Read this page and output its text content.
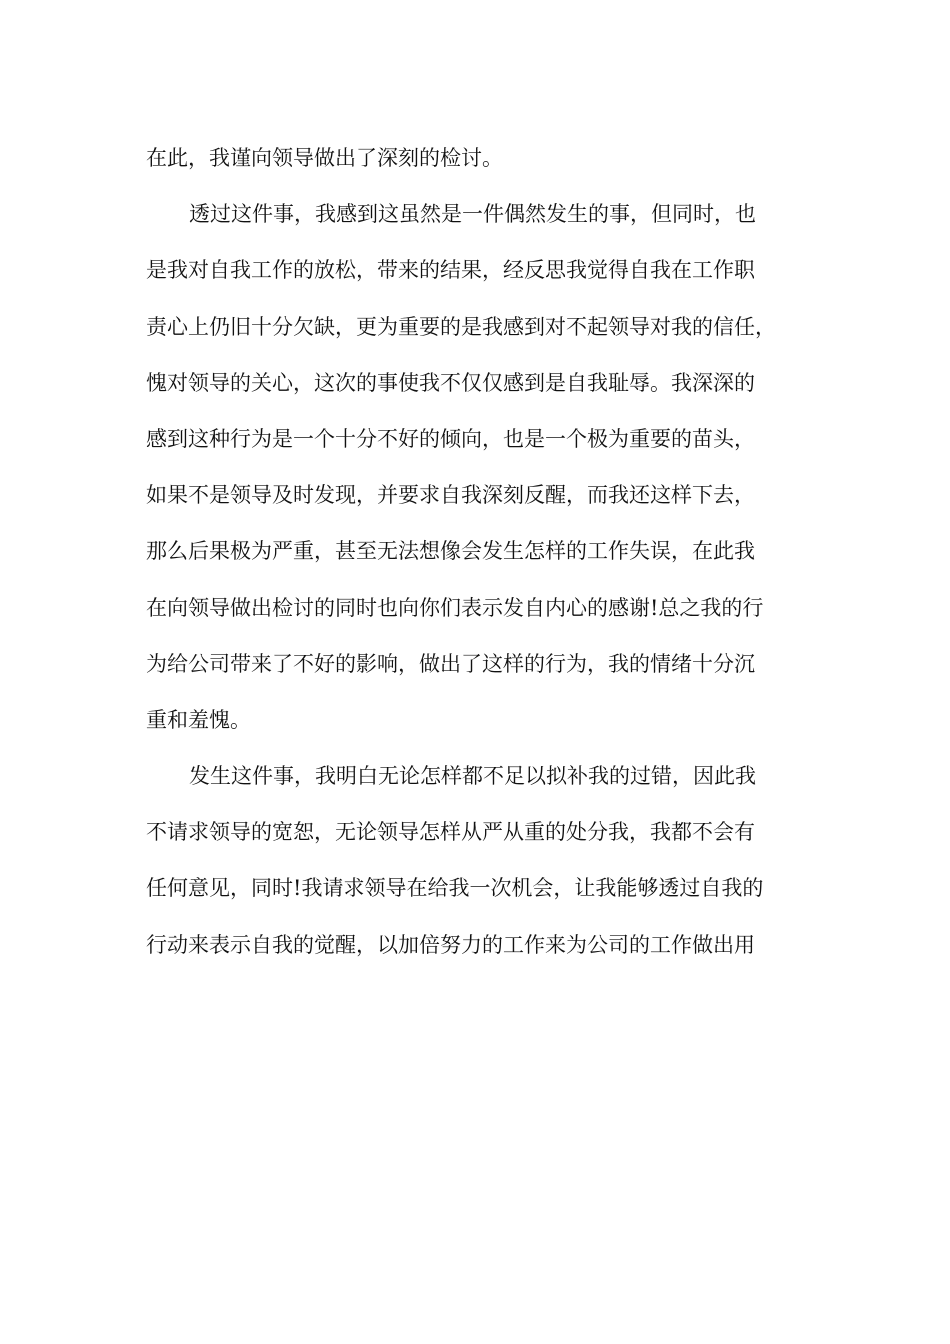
在此，我谨向领导做出了深刻的检讨。
透过这件事，我感到这虽然是一件偶然发生的事，但同时，也
是我对自我工作的放松，带来的结果，经反思我觉得自我在工作职
责心上仍旧十分欠缺，更为重要的是我感到对不起领导对我的信任，
愧对领导的关心，这次的事使我不仅仅感到是自我耻辱。我深深的
感到这种行为是一个十分不好的倾向，也是一个极为重要的苗头，
如果不是领导及时发现，并要求自我深刻反醒，而我还这样下去，
那么后果极为严重，甚至无法想像会发生怎样的工作失误，在此我
在向领导做出检讨的同时也向你们表示发自内心的感谢!总之我的行
为给公司带来了不好的影响，做出了这样的行为，我的情绪十分沉
重和羞愧。
发生这件事，我明白无论怎样都不足以拟补我的过错，因此我
不请求领导的宽恕，无论领导怎样从严从重的处分我，我都不会有
任何意见，同时!我请求领导在给我一次机会，让我能够透过自我的
行动来表示自我的觉醒，以加倍努力的工作来为公司的工作做出用
